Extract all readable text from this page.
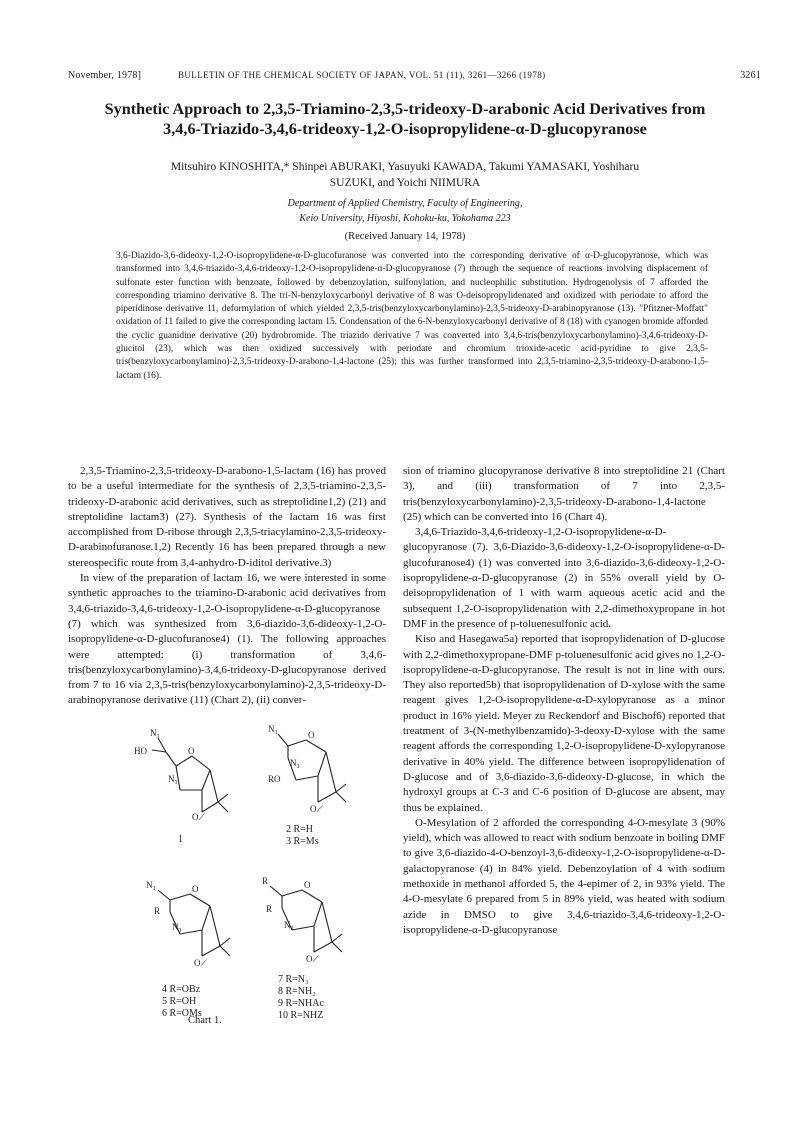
November, 1978]	BULLETIN OF THE CHEMICAL SOCIETY OF JAPAN, VOL. 51 (11), 3261—3266 (1978)	3261
Synthetic Approach to 2,3,5-Triamino-2,3,5-trideoxy-D-arabonic Acid Derivatives from 3,4,6-Triazido-3,4,6-trideoxy-1,2-O-isopropylidene-α-D-glucopyranose
Mitsuhiro KINOSHITA,* Shinpei ABURAKI, Yasuyuki KAWADA, Takumi YAMASAKI, Yoshiharu SUZUKI, and Yoichi NIIMURA
Department of Applied Chemistry, Faculty of Engineering,
Keio University, Hiyoshi, Kohoku-ku, Yokohama 223
(Received January 14, 1978)
3,6-Diazido-3,6-dideoxy-1,2-O-isopropylidene-α-D-glucofuranose was converted into the corresponding derivative of α-D-glucopyranose, which was transformed into 3,4,6-triazido-3,4,6-trideoxy-1,2-O-isopropylidene-α-D-glucopyranose (7) through the sequence of reactions involving displacement of sulfonate ester function with benzoate, followed by debenzoylation, sulfonylation, and nucleophilic substitution. Hydrogenolysis of 7 afforded the corresponding triamino derivative 8. The tri-N-benzyloxycarbonyl derivative of 8 was O-deisopropylidenated and oxidized with periodate to afford the piperidinose derivative 11, deformylation of which yielded 2,3,5-tris(benzyloxycarbonylamino)-2,3,5-trideoxy-D-arabinopyranose (13). "Pfitzner-Moffatt" oxidation of 11 failed to give the corresponding lactam 15. Condensation of the 6-N-benzyloxycarbonyl derivative of 8 (18) with cyanogen bromide afforded the cyclic guanidine derivative (20) hydrobromide. The triazido derivative 7 was converted into 3,4,6-tris(benzyloxycarbonylamino)-3,4,6-trideoxy-D-glucitol (23), which was then oxidized successively with periodate and chromium trioxide-acetic acid-pyridine to give 2,3,5-tris(benzyloxycarbonylamino)-2,3,5-trideoxy-D-arabono-1,4-lactone (25); this was further transformed into 2,3,5-triamino-2,3,5-trideoxy-D-arabono-1,5-lactam (16).

2,3,5-Triamino-2,3,5-trideoxy-D-arabono-1,5-lactam (16) has proved to be a useful intermediate for the synthesis of 2,3,5-triamino-2,3,5-trideoxy-D-arabonic acid derivatives, such as streptolidine1,2) (21) and streptolidine lactam3) (27). Synthesis of the lactam 16 was first accomplished from D-ribose through 2,3,5-triacylamino-2,3,5-trideoxy-D-arabinofuranose.1,2) Recently 16 has been prepared through a new stereospecific route from 3,4-anhydro-D-iditol derivative.3)

In view of the preparation of lactam 16, we were interested in some synthetic approaches to the triamino-D-arabonic acid derivatives from 3,4,6-triazido-3,4,6-trideoxy-1,2-O-isopropylidene-α-D-glucopyranose (7) which was synthesized from 3,6-diazido-3,6-dideoxy-1,2-O-isopropylidene-α-D-glucofuranose4) (1). The following approaches were attempted: (i) transformation of 3,4,6-tris(benzyloxycarbonylamino)-3,4,6-trideoxy-D-glucopyranose derived from 7 to 16 via 2,3,5-tris(benzyloxycarbonylamino)-2,3,5-trideoxy-D-arabinopyranose derivative (11) (Chart 2), (ii) conver-

N₃
HO	O
N₃
O⟋
1
N₃
O
N₃
RO
O⟋
2 R=H
3 R=Ms
N₃	O
R
N₃
O⟋
4 R=OBz
5 R=OH
6 R=OMs
R	O
R
N₃
O⟋
7 R=N₃
8 R=NH₂
9 R=NHAc
10 R=NHZ
Chart 1.

sion of triamino glucopyranose derivative 8 into streptolidine 21 (Chart 3), and (iii) transformation of 7 into 2,3,5-tris(benzyloxycarbonylamino)-2,3,5-trideoxy-D-arabono-1,4-lactone (25) which can be converted into 16 (Chart 4).

3,4,6-Triazido-3,4,6-trideoxy-1,2-O-isopropylidene-α-D-glucopyranose (7). 3,6-Diazido-3,6-dideoxy-1,2-O-isopropylidene-α-D-glucofuranose4) (1) was converted into 3,6-diazido-3,6-dideoxy-1,2-O-isopropylidene-α-D-glucopyranose (2) in 55% overall yield by O-deisopropylidenation of 1 with warm aqueous acetic acid and the subsequent 1,2-O-isopropylidenation with 2,2-dimethoxypropane in hot DMF in the presence of p-toluenesulfonic acid.

Kiso and Hasegawa5a) reported that isopropylidenation of D-glucose with 2,2-dimethoxypropane-DMF p-toluenesulfonic acid gives no 1,2-O-isopropylidene-α-D-glucopyranose. The result is not in line with ours. They also reported5b) that isopropylidenation of D-xylose with the same reagent gives 1,2-O-isopropylidene-α-D-xylopyranose as a minor product in 16% yield. Meyer zu Reckendorf and Bischof6) reported that treatment of 3-(N-methylbenzamido)-3-deoxy-D-xylose with the same reagent affords the corresponding 1,2-O-isopropylidene-D-xylopyranose derivative in 40% yield. The difference between isopropylidenation of D-glucose and of 3,6-diazido-3,6-dideoxy-D-glucose, in which the hydroxyl groups at C-3 and C-6 position of D-glucose are absent, may thus be explained.

O-Mesylation of 2 afforded the corresponding 4-O-mesylate 3 (90% yield), which was allowed to react with sodium benzoate in boiling DMF to give 3,6-diazido-4-O-benzoyl-3,6-dideoxy-1,2-O-isopropylidene-α-D-galactopyranose (4) in 84% yield. Debenzoylation of 4 with sodium methoxide in methanol afforded 5, the 4-epimer of 2, in 93% yield. The 4-O-mesylate 6 prepared from 5 in 89% yield, was heated with sodium azide in DMSO to give 3,4,6-triazido-3,4,6-trideoxy-1,2-O-isopropylidene-α-D-glucopyranose
